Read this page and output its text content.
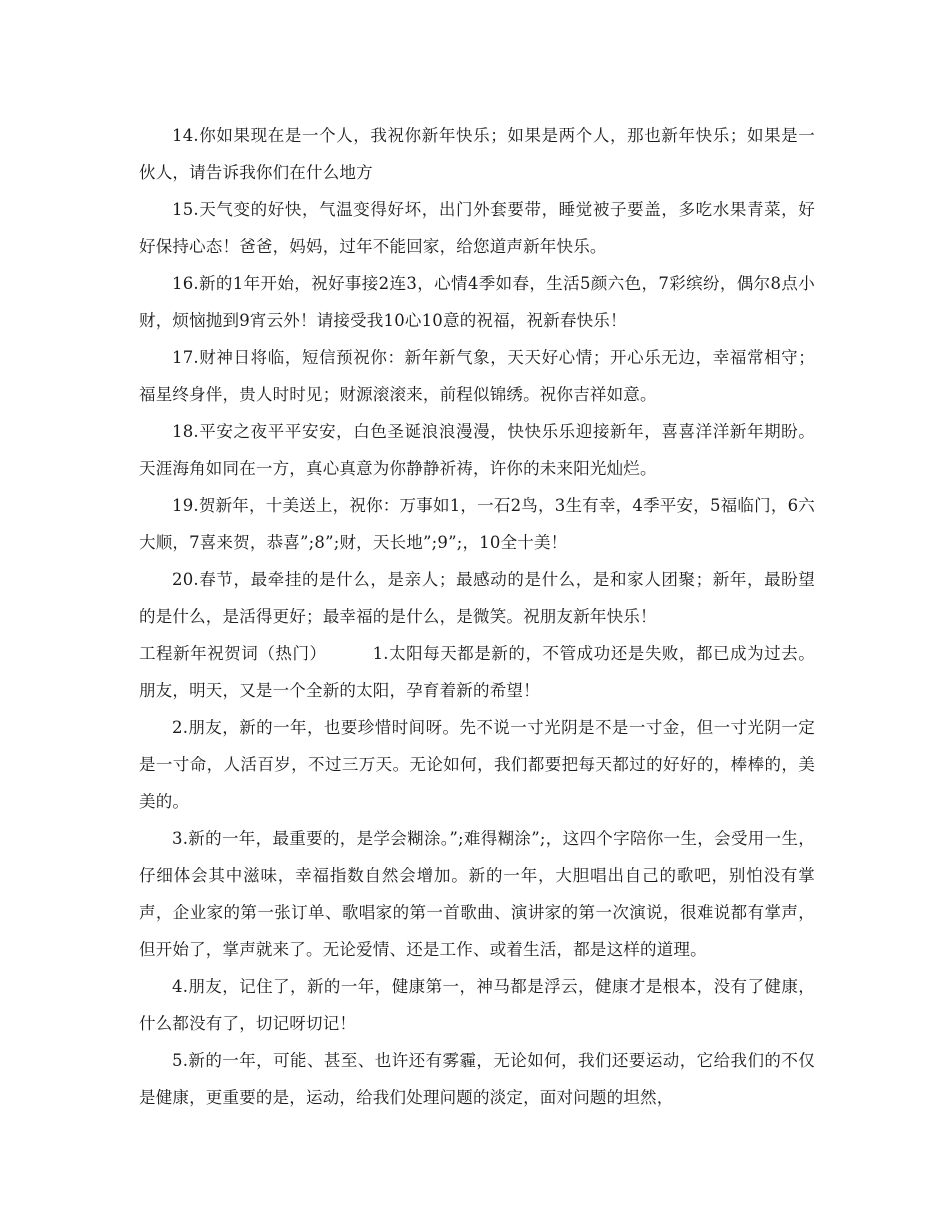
14.你如果现在是一个人，我祝你新年快乐；如果是两个人，那也新年快乐；如果是一伙人，请告诉我你们在什么地方

15.天气变的好快，气温变得好坏，出门外套要带，睡觉被子要盖，多吃水果青菜，好好保持心态！爸爸，妈妈，过年不能回家，给您道声新年快乐。

16.新的1年开始，祝好事接2连3，心情4季如春，生活5颜六色，7彩缤纷，偶尔8点小财，烦恼抛到9宵云外！请接受我10心10意的祝福，祝新春快乐！

17.财神日将临，短信预祝你：新年新气象，天天好心情；开心乐无边，幸福常相守；福星终身伴，贵人时时见；财源滚滚来，前程似锦绣。祝你吉祥如意。

18.平安之夜平平安安，白色圣诞浪浪漫漫，快快乐乐迎接新年，喜喜洋洋新年期盼。天涯海角如同在一方，真心真意为你静静祈祷，许你的未来阳光灿烂。

19.贺新年，十美送上，祝你：万事如1，一石2鸟，3生有幸，4季平安，5福临门，6六大顺，7喜来贺，恭喜”;8”;财，天长地”;9”;，10全十美！

20.春节，最牵挂的是什么，是亲人；最感动的是什么，是和家人团聚；新年，最盼望的是什么，是活得更好；最幸福的是什么，是微笑。祝朋友新年快乐！

工程新年祝贺词（热门）	1.太阳每天都是新的，不管成功还是失败，都已成为过去。朋友，明天，又是一个全新的太阳，孕育着新的希望！

2.朋友，新的一年，也要珍惜时间呀。先不说一寸光阴是不是一寸金，但一寸光阴一定是一寸命，人活百岁，不过三万天。无论如何，我们都要把每天都过的好好的，棒棒的，美美的。

3.新的一年，最重要的，是学会糊涂。”;难得糊涂”;，这四个字陪你一生，会受用一生，仔细体会其中滋味，幸福指数自然会增加。新的一年，大胆唱出自己的歌吧，别怕没有掌声，企业家的第一张订单、歌唱家的第一首歌曲、演讲家的第一次演说，很难说都有掌声，但开始了，掌声就来了。无论爱情、还是工作、或着生活，都是这样的道理。

4.朋友，记住了，新的一年，健康第一，神马都是浮云，健康才是根本，没有了健康，什么都没有了，切记呀切记！

5.新的一年，可能、甚至、也许还有雾霾，无论如何，我们还要运动，它给我们的不仅是健康，更重要的是，运动，给我们处理问题的淡定，面对问题的坦然，
